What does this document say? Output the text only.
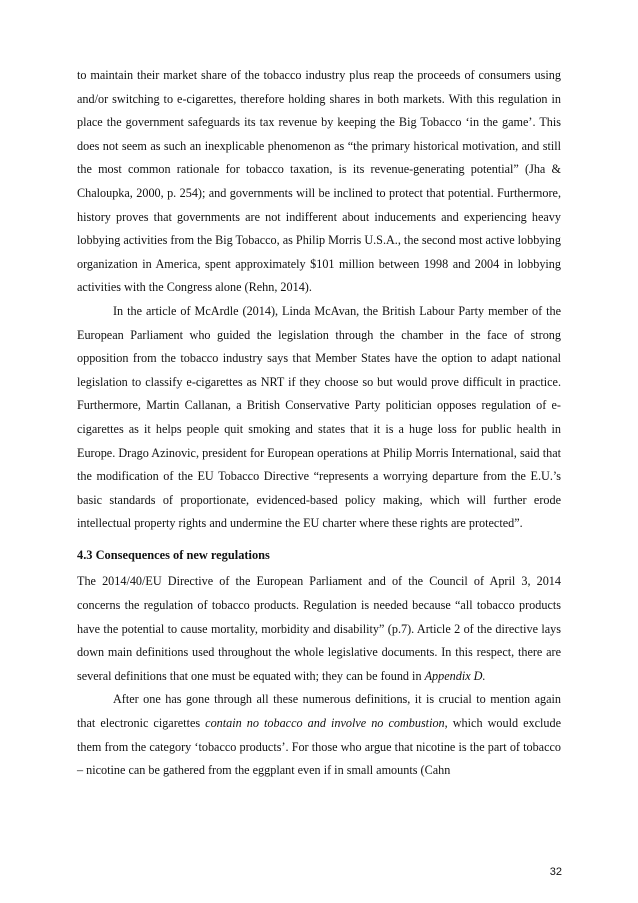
to maintain their market share of the tobacco industry plus reap the proceeds of consumers using and/or switching to e-cigarettes, therefore holding shares in both markets. With this regulation in place the government safeguards its tax revenue by keeping the Big Tobacco ‘in the game’. This does not seem as such an inexplicable phenomenon as “the primary historical motivation, and still the most common rationale for tobacco taxation, is its revenue-generating potential” (Jha & Chaloupka, 2000, p. 254); and governments will be inclined to protect that potential. Furthermore, history proves that governments are not indifferent about inducements and experiencing heavy lobbying activities from the Big Tobacco, as Philip Morris U.S.A., the second most active lobbying organization in America, spent approximately $101 million between 1998 and 2004 in lobbying activities with the Congress alone (Rehn, 2014).

In the article of McArdle (2014), Linda McAvan, the British Labour Party member of the European Parliament who guided the legislation through the chamber in the face of strong opposition from the tobacco industry says that Member States have the option to adapt national legislation to classify e-cigarettes as NRT if they choose so but would prove difficult in practice. Furthermore, Martin Callanan, a British Conservative Party politician opposes regulation of e-cigarettes as it helps people quit smoking and states that it is a huge loss for public health in Europe. Drago Azinovic, president for European operations at Philip Morris International, said that the modification of the EU Tobacco Directive “represents a worrying departure from the E.U.’s basic standards of proportionate, evidenced-based policy making, which will further erode intellectual property rights and undermine the EU charter where these rights are protected”.

4.3 Consequences of new regulations

The 2014/40/EU Directive of the European Parliament and of the Council of April 3, 2014 concerns the regulation of tobacco products. Regulation is needed because “all tobacco products have the potential to cause mortality, morbidity and disability” (p.7). Article 2 of the directive lays down main definitions used throughout the whole legislative documents. In this respect, there are several definitions that one must be equated with; they can be found in Appendix D.

After one has gone through all these numerous definitions, it is crucial to mention again that electronic cigarettes contain no tobacco and involve no combustion, which would exclude them from the category ‘tobacco products’. For those who argue that nicotine is the part of tobacco – nicotine can be gathered from the eggplant even if in small amounts (Cahn

32
